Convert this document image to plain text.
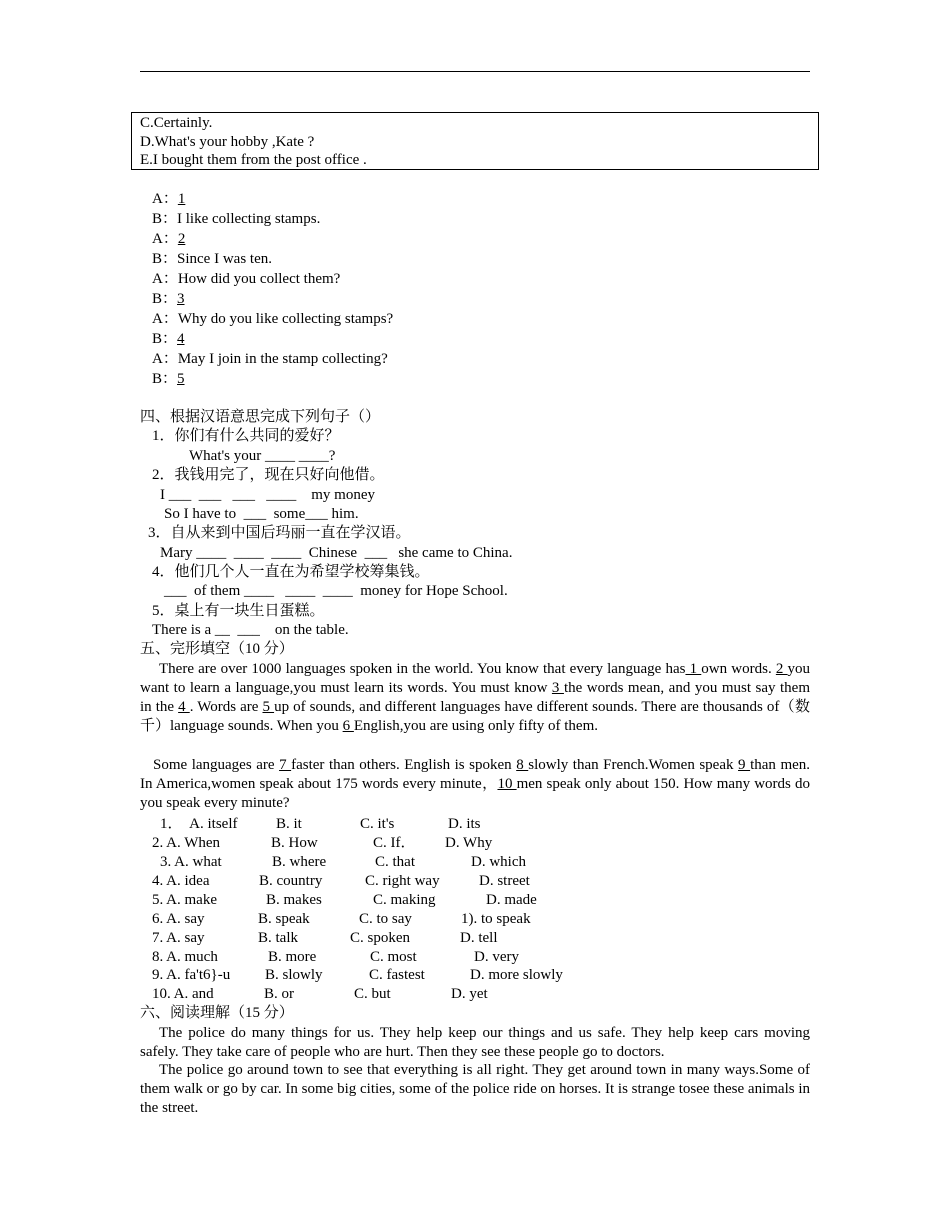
C.Certainly.
D.What's your hobby ,Kate ?
E.I bought them from the post office .
A：1
B：I like collecting stamps.
A：2
B：Since I was ten.
A：How did you collect them?
B：3
A：Why do you like collecting stamps?
B：4
A：May I join in the stamp collecting?
B：5
四、根据汉语意思完成下列句子（）
1．你们有什么共同的爱好？
What's your ____ ____?
2．我钱用完了，现在只好向他借。
I ___  ___   ___   ____    my money
So I have to  ___  some___ him.
3．自从来到中国后玛丽一直在学汉语。
Mary ____  ____  ____  Chinese  ___   she came to China.
4．他们几个人一直在为希望学校筹集钱。
___  of them ____   ____  ____  money for Hope School.
5．桌上有一块生日蛋糕。
There is a __  ___    on the table.
五、完形填空（10 分）
There are over 1000 languages spoken in the world. You know that every language has 1 own words. 2 you want to learn a language,you must learn its words. You must know 3 the words mean, and you must say them in the 4 . Words are 5 up of sounds, and different languages have different sounds. There are thousands of（数千）language sounds. When you 6 English,you are using only fifty of them.
Some languages are 7 faster than others. English is spoken 8 slowly than French.Women speak 9 than men. In America,women speak about 175 words every minute，10 men speak only about 150. How many words do you speak every minute?
1．  A. itself	B. it	C. it's	D. its
2. A. When	B. How	C. If． D. Why
3. A. what	B. where	C. that	D. which
4. A. idea	B. country	C. right way	D. street
5. A. make	B. makes	C. making	D. made
6. A. say	B. speak	C. to say	1). to speak
7. A. say	B. talk	C. spoken	D. tell
8. A. much	B. more	C. most	D. very
9. A. fa't6}-u B. slowly	C. fastest	D. more slowly
10. A. and	B. or	C. but	D. yet
六、阅读理解（15 分）
The police do many things for us. They help keep our things and us safe. They help keep cars moving safely. They take care of people who are hurt. Then they see these people go to doctors.
The police go around town to see that everything is all right. They get around town in many ways.Some of them walk or go by car. In some big cities, some of the police ride on horses. It is strange tosee these animals in the street.
